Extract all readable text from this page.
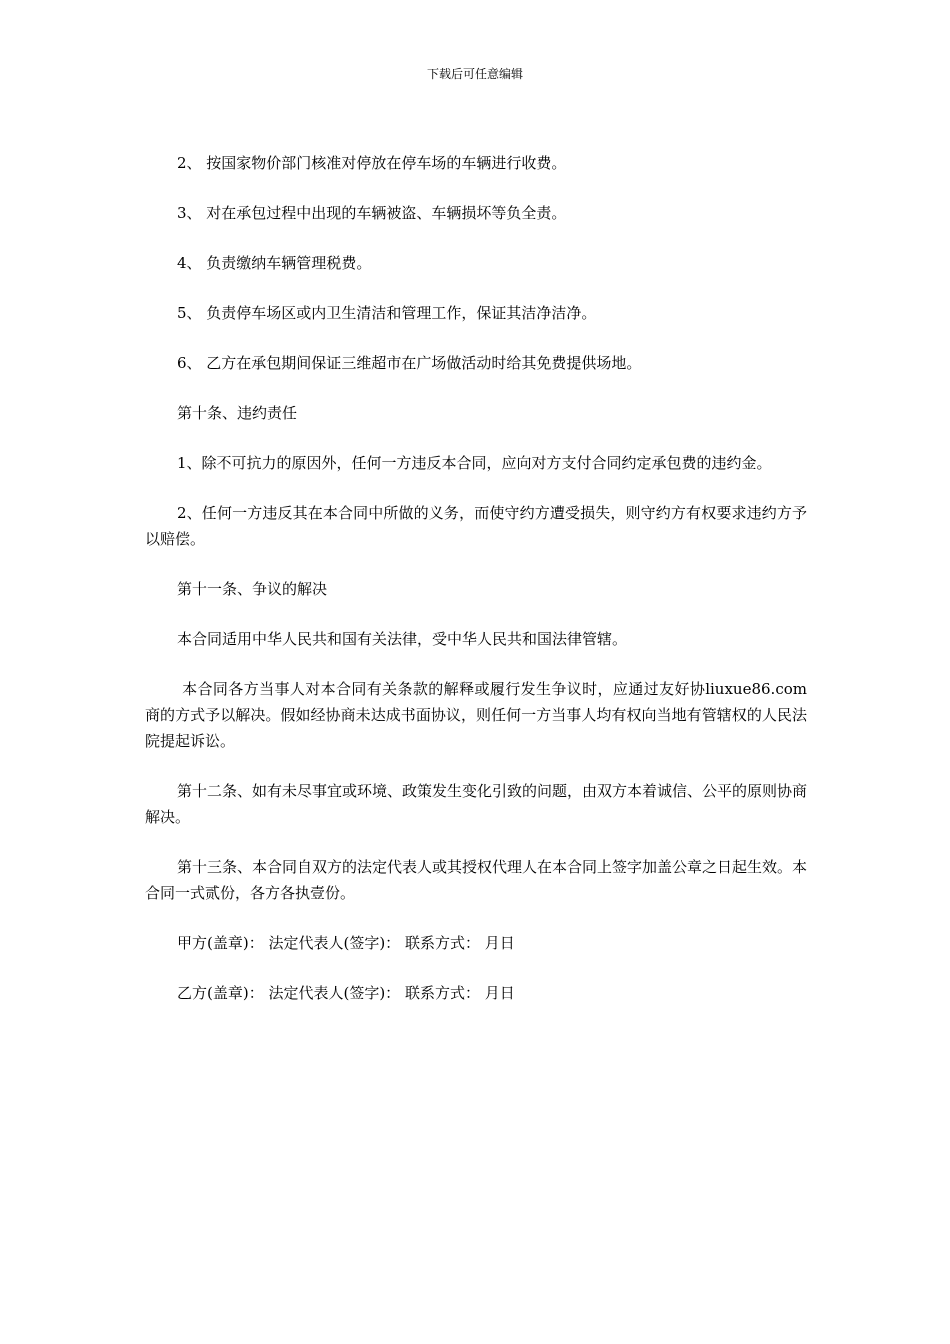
下载后可任意编辑

2、 按国家物价部门核准对停放在停车场的车辆进行收费。

3、 对在承包过程中出现的车辆被盗、车辆损坏等负全责。

4、 负责缴纳车辆管理税费。

5、 负责停车场区或内卫生清洁和管理工作，保证其洁净洁净。

6、 乙方在承包期间保证三维超市在广场做活动时给其免费提供场地。

第十条、违约责任

1、除不可抗力的原因外，任何一方违反本合同，应向对方支付合同约定承包费的违约金。

2、任何一方违反其在本合同中所做的义务，而使守约方遭受损失，则守约方有权要求违约方予以赔偿。

第十一条、争议的解决

本合同适用中华人民共和国有关法律，受中华人民共和国法律管辖。

本合同各方当事人对本合同有关条款的解释或履行发生争议时，应通过友好协liuxue86.com商的方式予以解决。假如经协商未达成书面协议，则任何一方当事人均有权向当地有管辖权的人民法院提起诉讼。

第十二条、如有未尽事宜或环境、政策发生变化引致的问题，由双方本着诚信、公平的原则协商解决。

第十三条、本合同自双方的法定代表人或其授权代理人在本合同上签字加盖公章之日起生效。本合同一式贰份，各方各执壹份。

甲方(盖章)： 法定代表人(签字)： 联系方式： 月日

乙方(盖章)： 法定代表人(签字)： 联系方式： 月日
